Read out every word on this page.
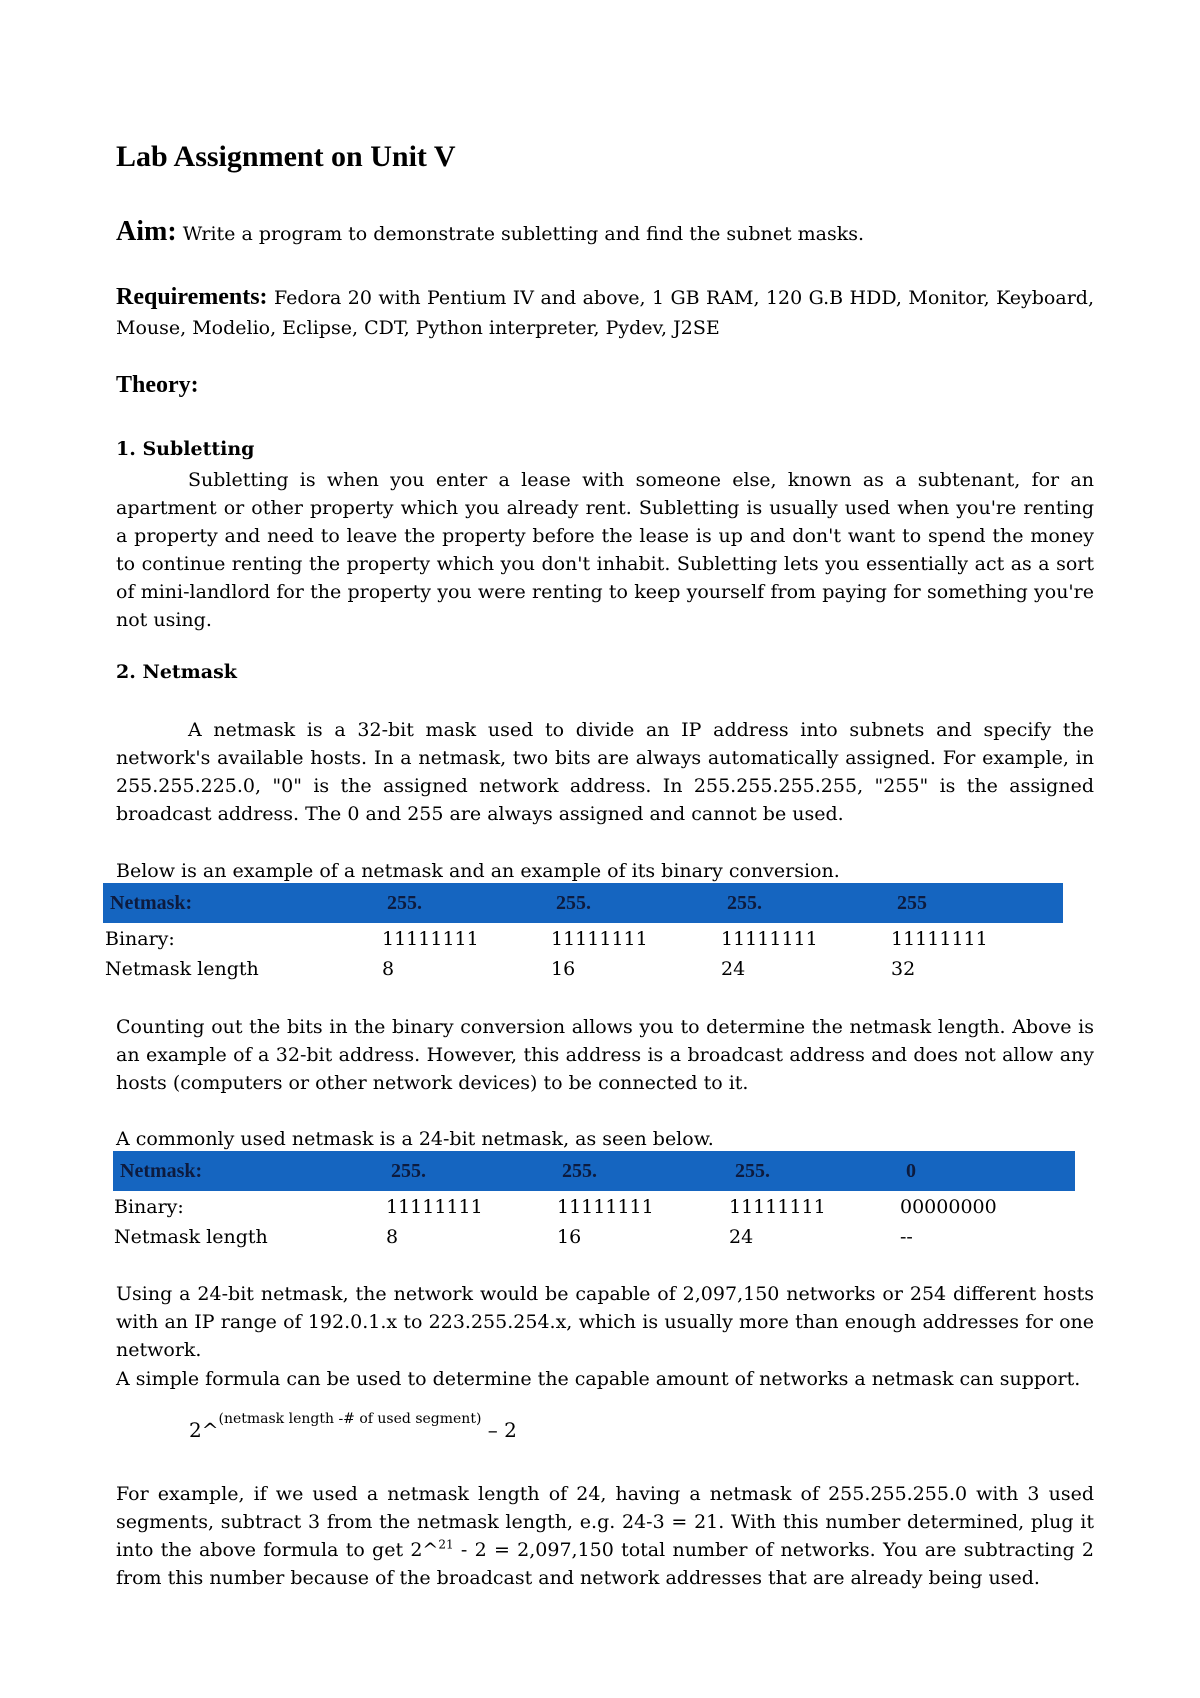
Lab Assignment on Unit V

Aim: Write a program to demonstrate subletting and find the subnet masks.

Requirements: Fedora 20 with Pentium IV and above, 1 GB RAM, 120 G.B HDD, Monitor, Keyboard, Mouse, Modelio, Eclipse, CDT, Python interpreter, Pydev, J2SE

Theory:
1. Subletting

Subletting is when you enter a lease with someone else, known as a subtenant, for an apartment or other property which you already rent. Subletting is usually used when you're renting a property and need to leave the property before the lease is up and don't want to spend the money to continue renting the property which you don't inhabit. Subletting lets you essentially act as a sort of mini-landlord for the property you were renting to keep yourself from paying for something you're not using.

2. Netmask

A netmask is a 32-bit mask used to divide an IP address into subnets and specify the network's available hosts. In a netmask, two bits are always automatically assigned. For example, in 255.255.225.0, "0" is the assigned network address. In 255.255.255.255, "255" is the assigned broadcast address. The 0 and 255 are always assigned and cannot be used.

Below is an example of a netmask and an example of its binary conversion.

Netmask:	255.	255.	255.	255
Binary:	11111111	11111111	11111111	11111111
Netmask length	8	16	24	32

Counting out the bits in the binary conversion allows you to determine the netmask length. Above is an example of a 32-bit address. However, this address is a broadcast address and does not allow any hosts (computers or other network devices) to be connected to it.

A commonly used netmask is a 24-bit netmask, as seen below.

Netmask:	255.	255.	255.	0
Binary:	11111111	11111111	11111111	00000000
Netmask length	8	16	24	--

Using a 24-bit netmask, the network would be capable of 2,097,150 networks or 254 different hosts with an IP range of 192.0.1.x to 223.255.254.x, which is usually more than enough addresses for one network.

A simple formula can be used to determine the capable amount of networks a netmask can support.

2^$^{(netmask length -\# of used segment)}$ – 2

For example, if we used a netmask length of 24, having a netmask of 255.255.255.0 with 3 used segments, subtract 3 from the netmask length, e.g. 24-3 = 21. With this number determined, plug it into the above formula to get 2^$^{21}$ - 2 = 2,097,150 total number of networks. You are subtracting 2 from this number because of the broadcast and network addresses that are already being used.
